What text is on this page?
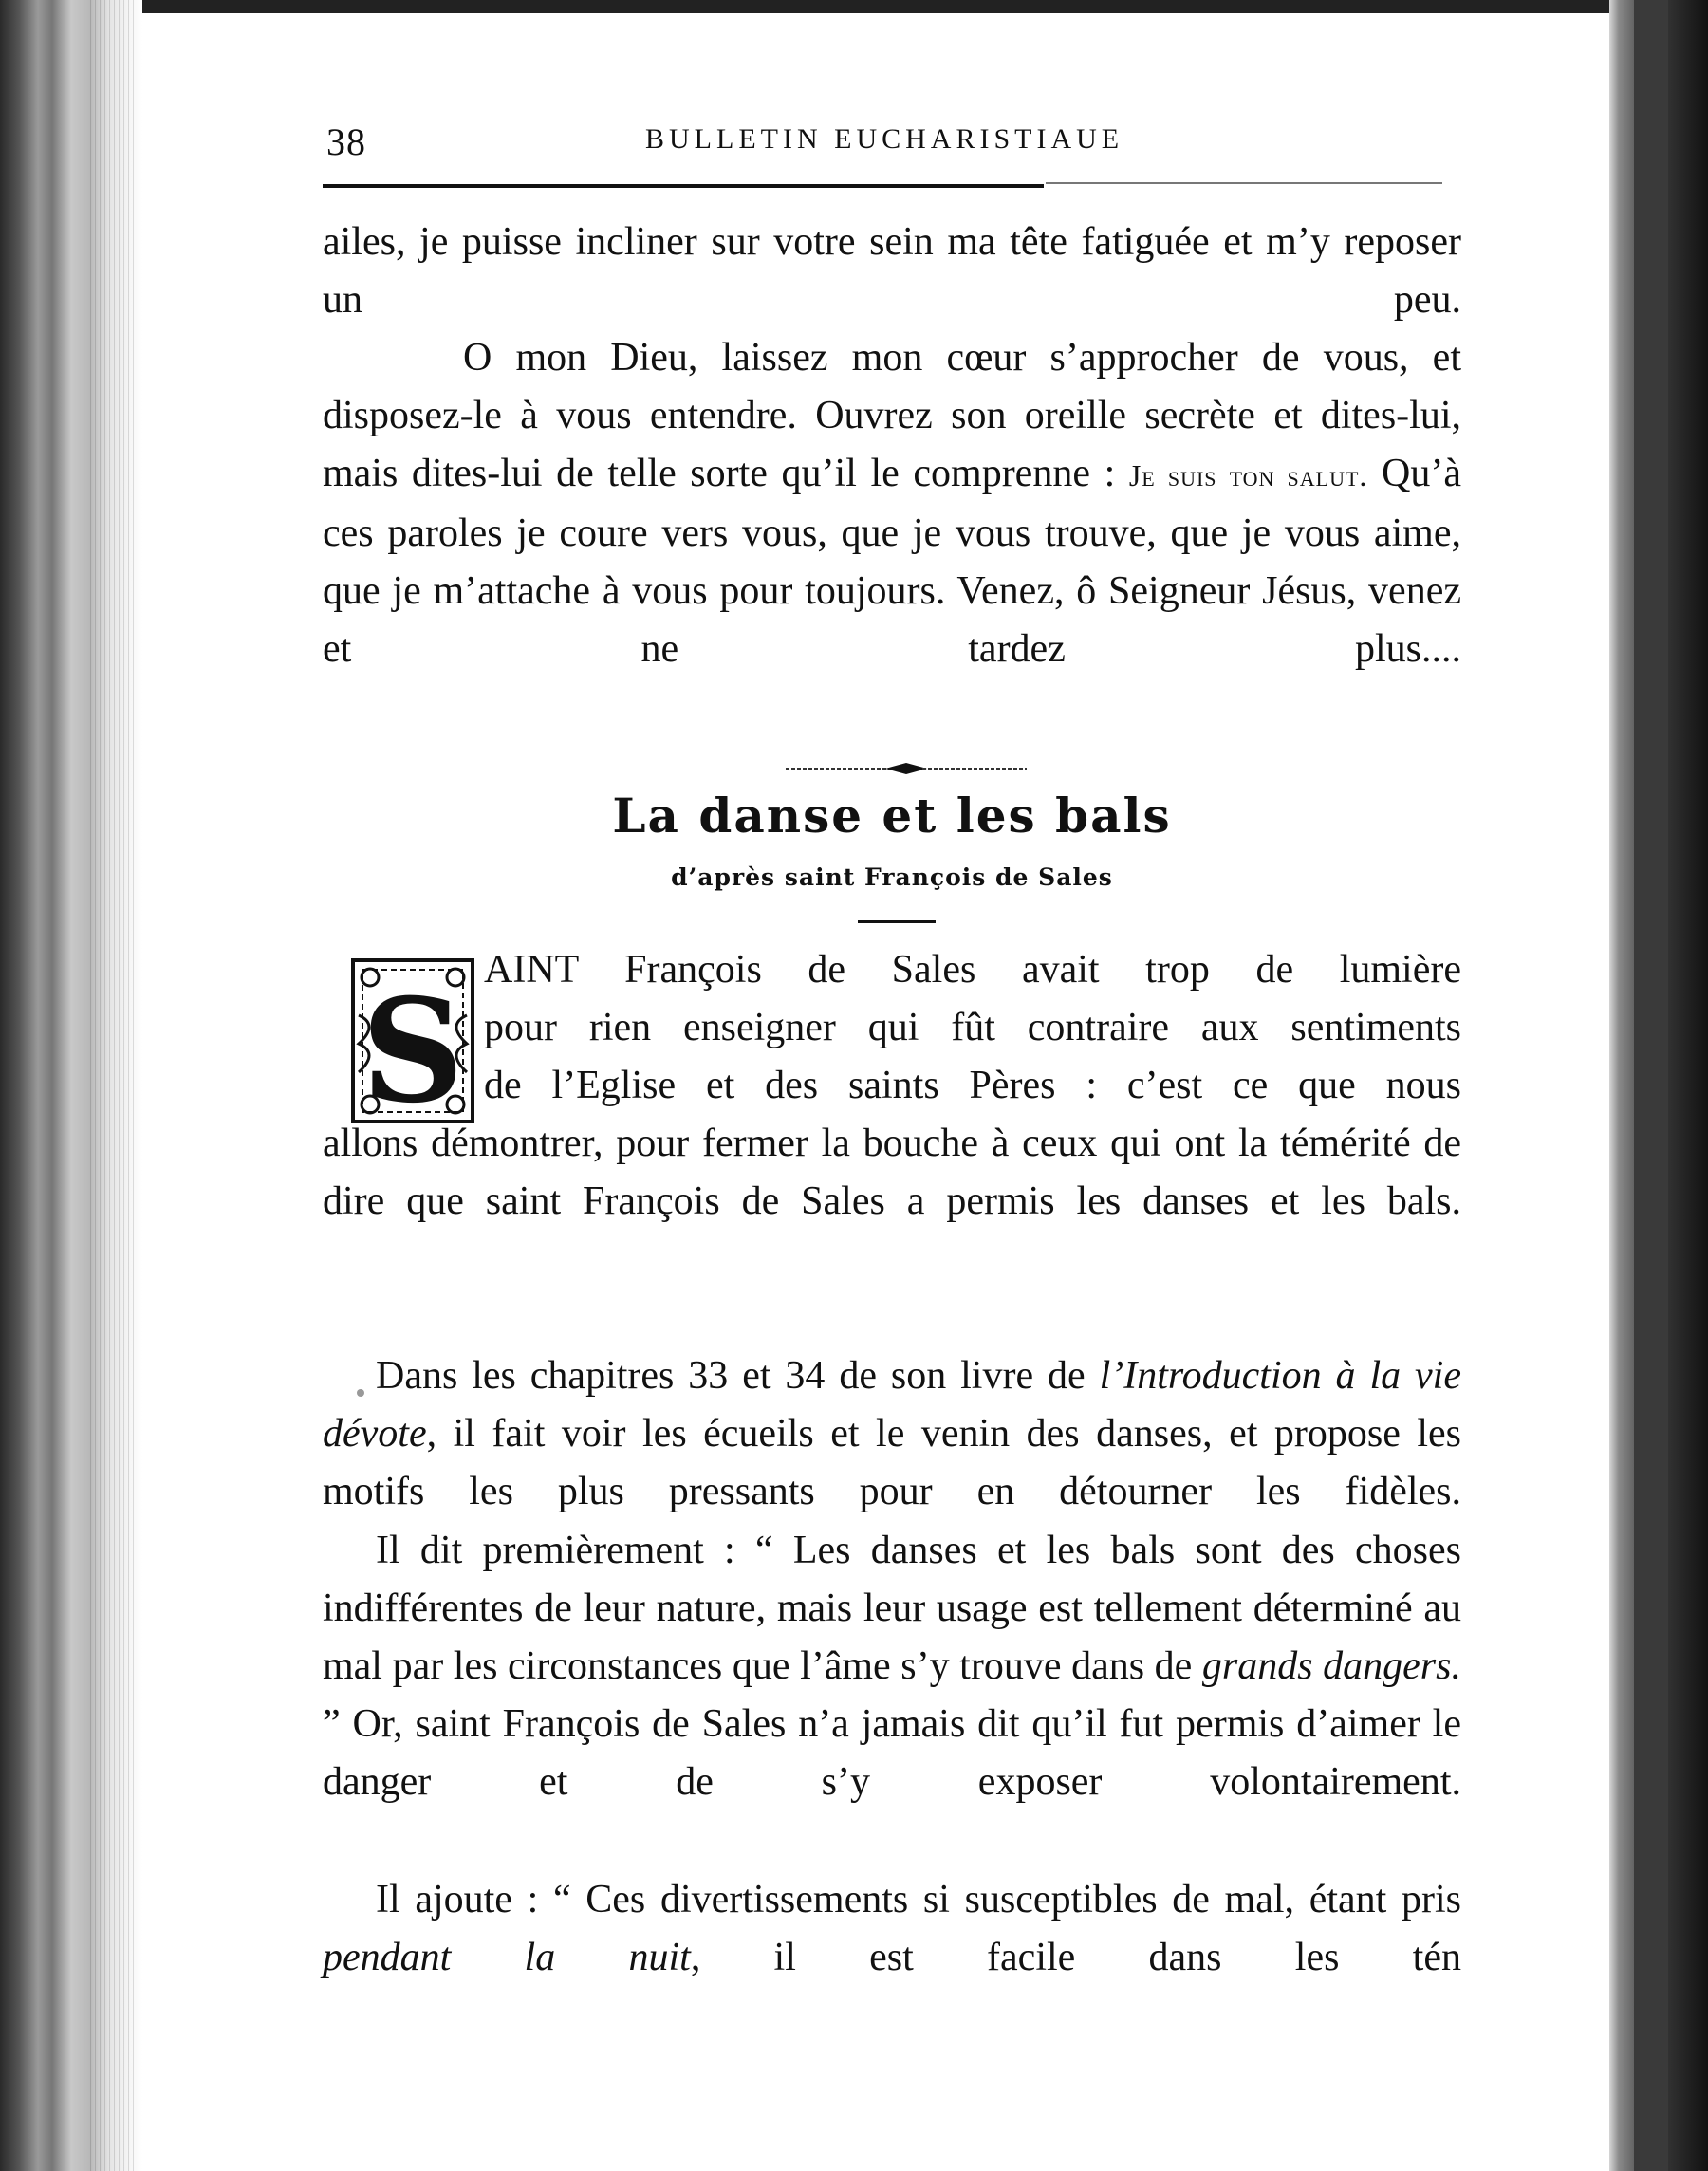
38	BULLETIN EUCHARISTIAUE
ailes, je puisse incliner sur votre sein ma tête fatiguée et m’y reposer un peu.
O mon Dieu, laissez mon cœur s’approcher de vous, et disposez-le à vous entendre. Ouvrez son oreille secrète et dites-lui, mais dites-lui de telle sorte qu’il le comprenne : Je suis ton salut. Qu’à ces paroles je coure vers vous, que je vous trouve, que je vous aime, que je m’attache à vous pour toujours. Venez, ô Seigneur Jésus, venez et ne tardez plus....
La danse et les bals
d’après saint François de Sales
S AINT François de Sales avait trop de lumière
pour rien enseigner qui fût contraire aux sentiments
de l’Eglise et des saints Pères : c’est ce que nous
allons démontrer, pour fermer la bouche à ceux qui ont la témérité de dire que saint François de Sales a permis les danses et les bals.
Dans les chapitres 33 et 34 de son livre de l’Introduction à la vie dévote, il fait voir les écueils et le venin des danses, et propose les motifs les plus pressants pour en détourner les fidèles.
Il dit premièrement : “ Les danses et les bals sont des choses indifférentes de leur nature, mais leur usage est tellement déterminé au mal par les circonstances que l’âme s’y trouve dans de grands dangers. ” Or, saint François de Sales n’a jamais dit qu’il fut permis d’aimer le danger et de s’y exposer volontairement.
Il ajoute : “ Ces divertissements si susceptibles de mal, étant pris pendant la nuit, il est facile dans les tén
